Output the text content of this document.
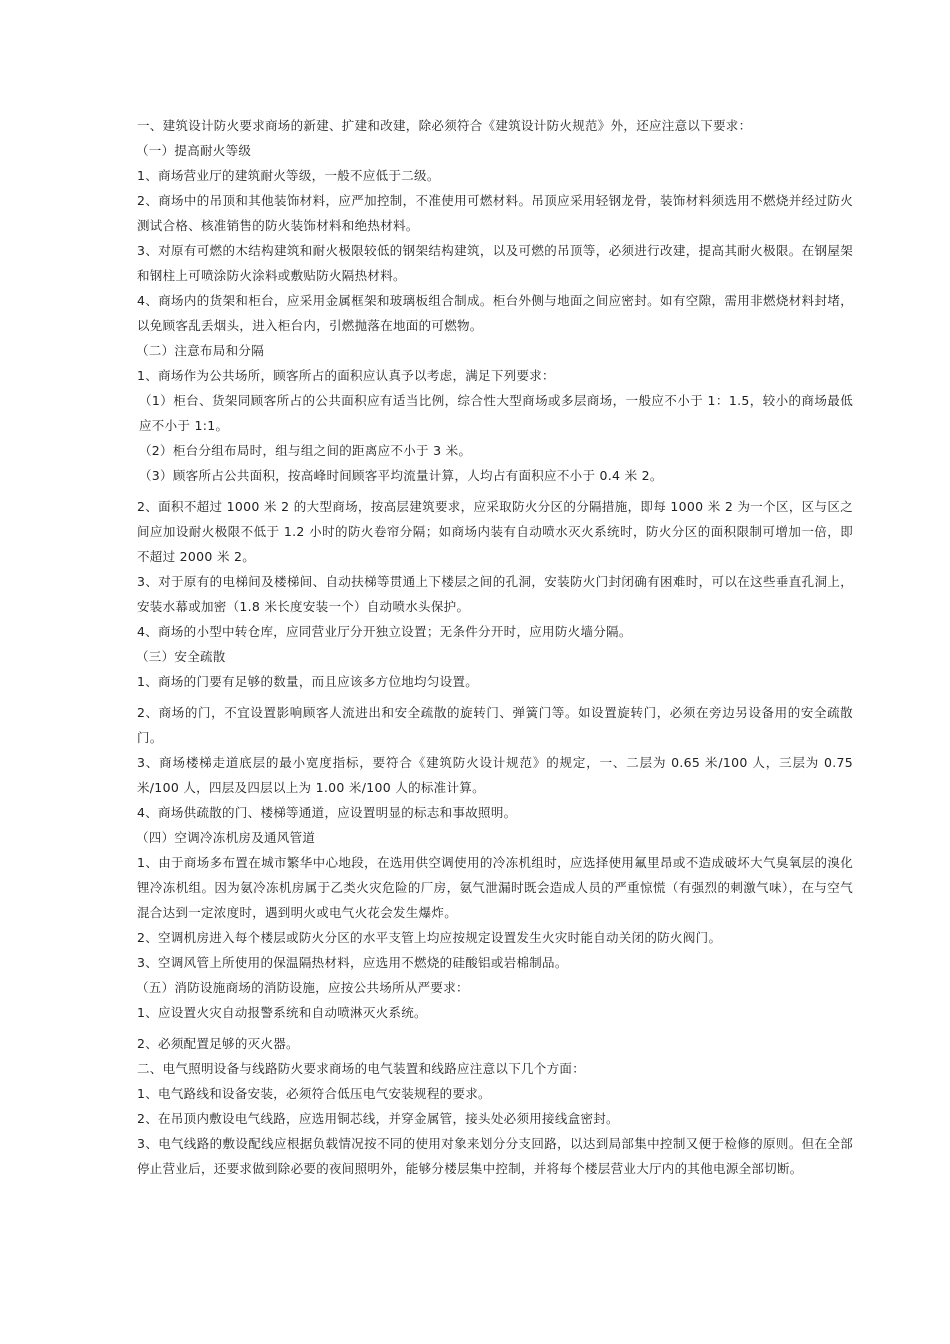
一、建筑设计防火要求商场的新建、扩建和改建，除必须符合《建筑设计防火规范》外，还应注意以下要求：

（一）提高耐火等级

1、商场营业厅的建筑耐火等级，一般不应低于二级。

2、商场中的吊顶和其他装饰材料，应严加控制，不准使用可燃材料。吊顶应采用轻钢龙骨，装饰材料须选用不燃烧并经过防火测试合格、核准销售的防火装饰材料和绝热材料。

3、对原有可燃的木结构建筑和耐火极限较低的钢架结构建筑，以及可燃的吊顶等，必须进行改建，提高其耐火极限。在钢屋架和钢柱上可喷涂防火涂料或敷贴防火隔热材料。

4、商场内的货架和柜台，应采用金属框架和玻璃板组合制成。柜台外侧与地面之间应密封。如有空隙，需用非燃烧材料封堵，以免顾客乱丢烟头，进入柜台内，引燃抛落在地面的可燃物。

（二）注意布局和分隔

1、商场作为公共场所，顾客所占的面积应认真予以考虑，满足下列要求：

（1）柜台、货架同顾客所占的公共面积应有适当比例，综合性大型商场或多层商场，一般应不小于 1：1.5，较小的商场最低应不小于 1:1。

（2）柜台分组布局时，组与组之间的距离应不小于 3 米。

（3）顾客所占公共面积，按高峰时间顾客平均流量计算，人均占有面积应不小于 0.4 米 2。

2、面积不超过 1000 米 2 的大型商场，按高层建筑要求，应采取防火分区的分隔措施，即每 1000 米 2 为一个区，区与区之间应加设耐火极限不低于 1.2 小时的防火卷帘分隔；如商场内装有自动喷水灭火系统时，防火分区的面积限制可增加一倍，即不超过 2000 米 2。

3、对于原有的电梯间及楼梯间、自动扶梯等贯通上下楼层之间的孔洞，安装防火门封闭确有困难时，可以在这些垂直孔洞上，安装水幕或加密（1.8 米长度安装一个）自动喷水头保护。

4、商场的小型中转仓库，应同营业厅分开独立设置；无条件分开时，应用防火墙分隔。

（三）安全疏散

1、商场的门要有足够的数量，而且应该多方位地均匀设置。

2、商场的门，不宜设置影响顾客人流进出和安全疏散的旋转门、弹簧门等。如设置旋转门，必须在旁边另设备用的安全疏散门。

3、商场楼梯走道底层的最小宽度指标，要符合《建筑防火设计规范》的规定，一、二层为 0.65 米/100 人，三层为 0.75 米/100 人，四层及四层以上为 1.00 米/100 人的标准计算。

4、商场供疏散的门、楼梯等通道，应设置明显的标志和事故照明。

（四）空调冷冻机房及通风管道

1、由于商场多布置在城市繁华中心地段，在选用供空调使用的冷冻机组时，应选择使用氟里昂或不造成破坏大气臭氧层的溴化锂冷冻机组。因为氨冷冻机房属于乙类火灾危险的厂房，氨气泄漏时既会造成人员的严重惊慌（有强烈的刺激气味），在与空气混合达到一定浓度时，遇到明火或电气火花会发生爆炸。

2、空调机房进入每个楼层或防火分区的水平支管上均应按规定设置发生火灾时能自动关闭的防火阀门。

3、空调风管上所使用的保温隔热材料，应选用不燃烧的硅酸铝或岩棉制品。

（五）消防设施商场的消防设施，应按公共场所从严要求：

1、应设置火灾自动报警系统和自动喷淋灭火系统。

2、必须配置足够的灭火器。

二、电气照明设备与线路防火要求商场的电气装置和线路应注意以下几个方面：

1、电气路线和设备安装，必须符合低压电气安装规程的要求。

2、在吊顶内敷设电气线路，应选用铜芯线，并穿金属管，接头处必须用接线盒密封。

3、电气线路的敷设配线应根据负载情况按不同的使用对象来划分分支回路，以达到局部集中控制又便于检修的原则。但在全部停止营业后，还要求做到除必要的夜间照明外，能够分楼层集中控制，并将每个楼层营业大厅内的其他电源全部切断。
